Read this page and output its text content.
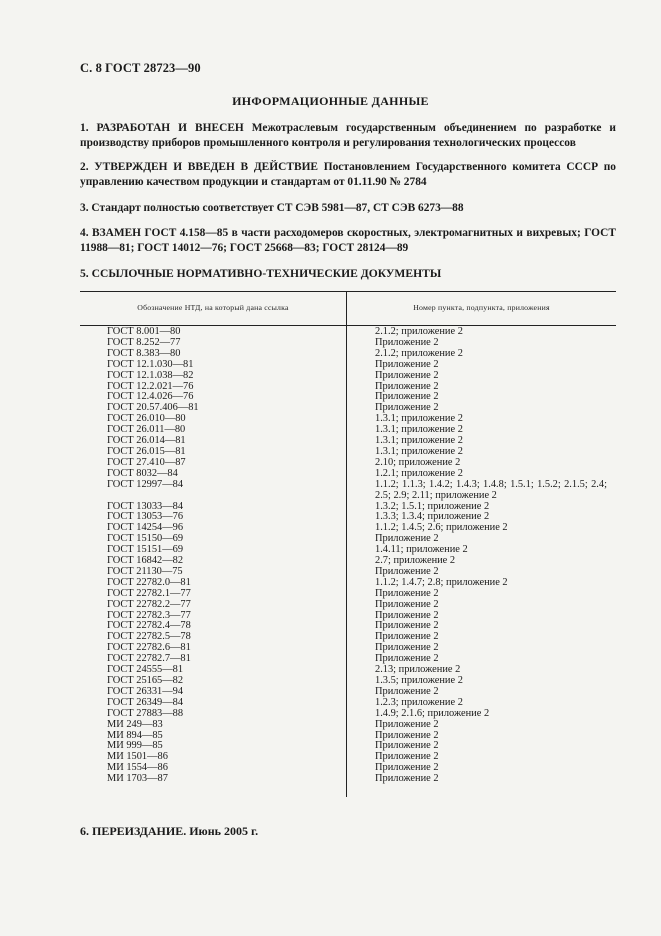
С. 8 ГОСТ 28723—90
ИНФОРМАЦИОННЫЕ ДАННЫЕ
1. РАЗРАБОТАН И ВНЕСЕН Межотраслевым государственным объединением по разработке и производству приборов промышленного контроля и регулирования технологических процессов
2. УТВЕРЖДЕН И ВВЕДЕН В ДЕЙСТВИЕ Постановлением Государственного комитета СССР по управлению качеством продукции и стандартам от 01.11.90 № 2784
3. Стандарт полностью соответствует СТ СЭВ 5981—87, СТ СЭВ 6273—88
4. ВЗАМЕН ГОСТ 4.158—85 в части расходомеров скоростных, электромагнитных и вихревых; ГОСТ 11988—81; ГОСТ 14012—76; ГОСТ 25668—83; ГОСТ 28124—89
5. ССЫЛОЧНЫЕ НОРМАТИВНО-ТЕХНИЧЕСКИЕ ДОКУМЕНТЫ
Обозначение НТД, на который дана ссылка	Номер пункта, подпункта, приложения
ГОСТ 8.001—80	2.1.2; приложение 2
ГОСТ 8.252—77	Приложение 2
ГОСТ 8.383—80	2.1.2; приложение 2
ГОСТ 12.1.030—81	Приложение 2
ГОСТ 12.1.038—82	Приложение 2
ГОСТ 12.2.021—76	Приложение 2
ГОСТ 12.4.026—76	Приложение 2
ГОСТ 20.57.406—81	Приложение 2
ГОСТ 26.010—80	1.3.1; приложение 2
ГОСТ 26.011—80	1.3.1; приложение 2
ГОСТ 26.014—81	1.3.1; приложение 2
ГОСТ 26.015—81	1.3.1; приложение 2
ГОСТ 27.410—87	2.10; приложение 2
ГОСТ 8032—84	1.2.1; приложение 2
ГОСТ 12997—84	1.1.2; 1.1.3; 1.4.2; 1.4.3; 1.4.8; 1.5.1; 1.5.2; 2.1.5; 2.4; 2.5; 2.9; 2.11; приложение 2
ГОСТ 13033—84	1.3.2; 1.5.1; приложение 2
ГОСТ 13053—76	1.3.3; 1.3.4; приложение 2
ГОСТ 14254—96	1.1.2; 1.4.5; 2.6; приложение 2
ГОСТ 15150—69	Приложение 2
ГОСТ 15151—69	1.4.11; приложение 2
ГОСТ 16842—82	2.7; приложение 2
ГОСТ 21130—75	Приложение 2
ГОСТ 22782.0—81	1.1.2; 1.4.7; 2.8; приложение 2
ГОСТ 22782.1—77	Приложение 2
ГОСТ 22782.2—77	Приложение 2
ГОСТ 22782.3—77	Приложение 2
ГОСТ 22782.4—78	Приложение 2
ГОСТ 22782.5—78	Приложение 2
ГОСТ 22782.6—81	Приложение 2
ГОСТ 22782.7—81	Приложение 2
ГОСТ 24555—81	2.13; приложение 2
ГОСТ 25165—82	1.3.5; приложение 2
ГОСТ 26331—94	Приложение 2
ГОСТ 26349—84	1.2.3; приложение 2
ГОСТ 27883—88	1.4.9; 2.1.6; приложение 2
МИ 249—83	Приложение 2
МИ 894—85	Приложение 2
МИ 999—85	Приложение 2
МИ 1501—86	Приложение 2
МИ 1554—86	Приложение 2
МИ 1703—87	Приложение 2
6. ПЕРЕИЗДАНИЕ. Июнь 2005 г.
